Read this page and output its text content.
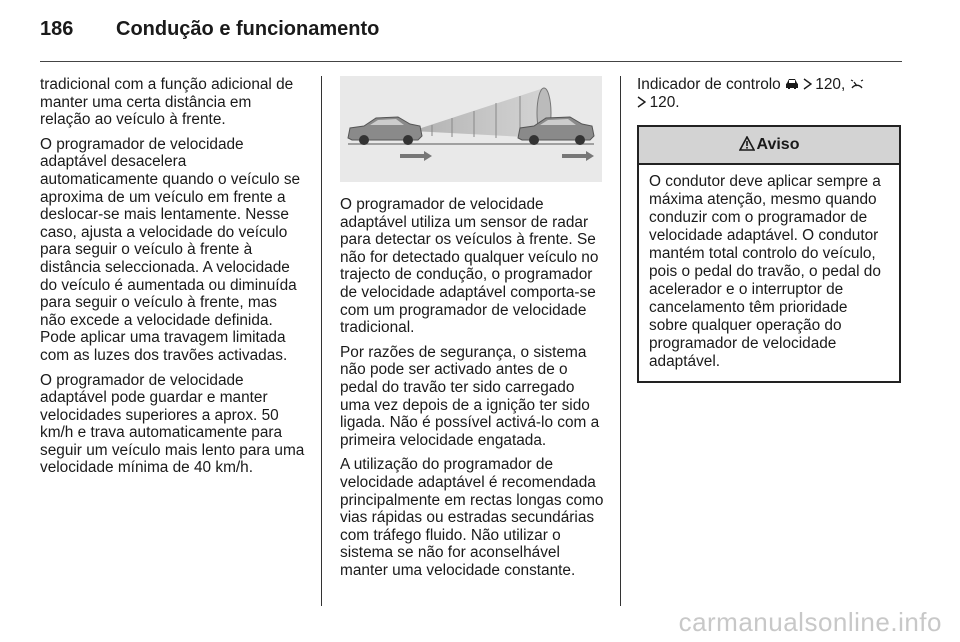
186	Condução e funcionamento

tradicional com a função adicional de manter uma certa distância em relação ao veículo à frente.

O programador de velocidade adaptável desacelera automaticamente quando o veículo se aproxima de um veículo em frente a deslocar-se mais lentamente. Nesse caso, ajusta a velocidade do veículo para seguir o veículo à frente à distância seleccionada. A velocidade do veículo é aumentada ou diminuída para seguir o veículo à frente, mas não excede a velocidade definida. Pode aplicar uma travagem limitada com as luzes dos travões activadas.

O programador de velocidade adaptável pode guardar e manter velocidades superiores a aprox. 50 km/h e trava automaticamente para seguir um veículo mais lento para uma velocidade mínima de 40 km/h.

O programador de velocidade adaptável utiliza um sensor de radar para detectar os veículos à frente. Se não for detectado qualquer veículo no trajecto de condução, o programador de velocidade adaptável comporta-se com um programador de velocidade tradicional.

Por razões de segurança, o sistema não pode ser activado antes de o pedal do travão ter sido carregado uma vez depois de a ignição ter sido ligada. Não é possível activá-lo com a primeira velocidade engatada.

A utilização do programador de velocidade adaptável é recomendada principalmente em rectas longas como vias rápidas ou estradas secundárias com tráfego fluido. Não utilizar o sistema se não for aconselhável manter uma velocidade constante.

Indicador de controlo 120,
120.

Aviso
O condutor deve aplicar sempre a máxima atenção, mesmo quando conduzir com o programador de velocidade adaptável. O condutor mantém total controlo do veículo, pois o pedal do travão, o pedal do acelerador e o interruptor de cancelamento têm prioridade sobre qualquer operação do programador de velocidade adaptável.
carmanualsonline.info
